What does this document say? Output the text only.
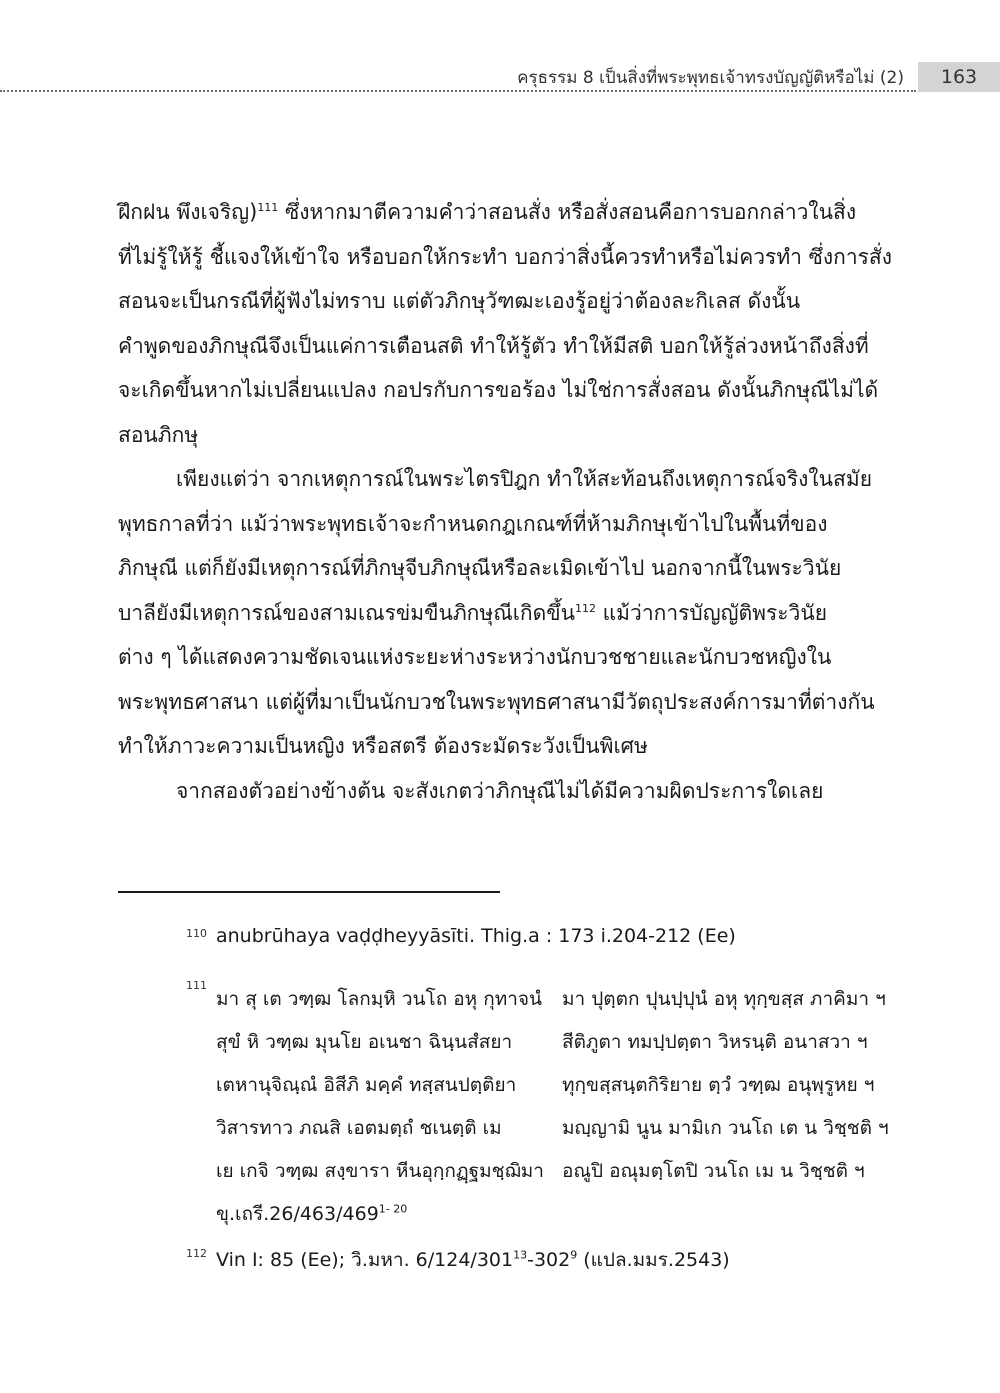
ครุธรรม 8 เป็นสิ่งที่พระพุทธเจ้าทรงบัญญัติหรือไม่ (2)	163
ฝึกฝน พึงเจริญ)$^{111}$ ซึ่งหากมาตีความคำว่าสอนสั่ง หรือสั่งสอนคือการบอกกล่าวในสิ่ง
ที่ไม่รู้ให้รู้ ชี้แจงให้เข้าใจ หรือบอกให้กระทำ บอกว่าสิ่งนี้ควรทำหรือไม่ควรทำ ซึ่งการสั่ง
สอนจะเป็นกรณีที่ผู้ฟังไม่ทราบ แต่ตัวภิกษุวัฑฒะเองรู้อยู่ว่าต้องละกิเลส ดังนั้น
คำพูดของภิกษุณีจึงเป็นแค่การเตือนสติ ทำให้รู้ตัว ทำให้มีสติ บอกให้รู้ล่วงหน้าถึงสิ่งที่
จะเกิดขึ้นหากไม่เปลี่ยนแปลง กอปรกับการขอร้อง ไม่ใช่การสั่งสอน ดังนั้นภิกษุณีไม่ได้
สอนภิกษุ
เพียงแต่ว่า จากเหตุการณ์ในพระไตรปิฎก ทำให้สะท้อนถึงเหตุการณ์จริงในสมัย
พุทธกาลที่ว่า แม้ว่าพระพุทธเจ้าจะกำหนดกฎเกณฑ์ที่ห้ามภิกษุเข้าไปในพื้นที่ของ
ภิกษุณี แต่ก็ยังมีเหตุการณ์ที่ภิกษุจีบภิกษุณีหรือละเมิดเข้าไป นอกจากนี้ในพระวินัย
บาลียังมีเหตุการณ์ของสามเณรข่มขืนภิกษุณีเกิดขึ้น$^{112}$ แม้ว่าการบัญญัติพระวินัย
ต่าง ๆ ได้แสดงความชัดเจนแห่งระยะห่างระหว่างนักบวชชายและนักบวชหญิงใน
พระพุทธศาสนา แต่ผู้ที่มาเป็นนักบวชในพระพุทธศาสนามีวัตถุประสงค์การมาที่ต่างกัน
ทำให้ภาวะความเป็นหญิง หรือสตรี ต้องระมัดระวังเป็นพิเศษ
จากสองตัวอย่างข้างต้น จะสังเกตว่าภิกษุณีไม่ได้มีความผิดประการใดเลย
110 anubrūhaya vaḍḍheyyāsīti. Thig.a : 173 i.204-212 (Ee)
111
มา สุ เต วฑฺฒ โลกมฺหิ วนโถ อหุ กุทาจนํ	มา ปุตฺตก ปุนปฺปุนํ อหุ ทุกฺขสฺส ภาคิมา ฯ
สุขํ หิ วฑฺฒ มุนโย อเนชา ฉินฺนสํสยา	สีติภูตา ทมปฺปตฺตา วิหรนฺติ อนาสวา ฯ
เตหานุจิณฺณํ อิสีภิ มคฺคํ ทสฺสนปตฺติยา	ทุกฺขสฺสนฺตกิริยาย ตฺวํ วฑฺฒ อนุพฺรูหย ฯ
วิสารทาว ภณสิ เอตมตฺถํ ชเนตฺติ เม	มญฺญามิ นูน มามิเก วนโถ เต น วิชฺชติ ฯ
เย เกจิ วฑฺฒ สงฺขารา หีนอุกฺกฏฺฐมชฺฌิมา อณูปิ อณุมตฺโตปิ วนโถ เม น วิชฺชติ ฯ
ขุ.เถรี.26/463/469$^{1- 20}$
112 Vin I: 85 (Ee); วิ.มหา. $6/124/301^{13}-302^9$ (แปล.มมร.2543)
